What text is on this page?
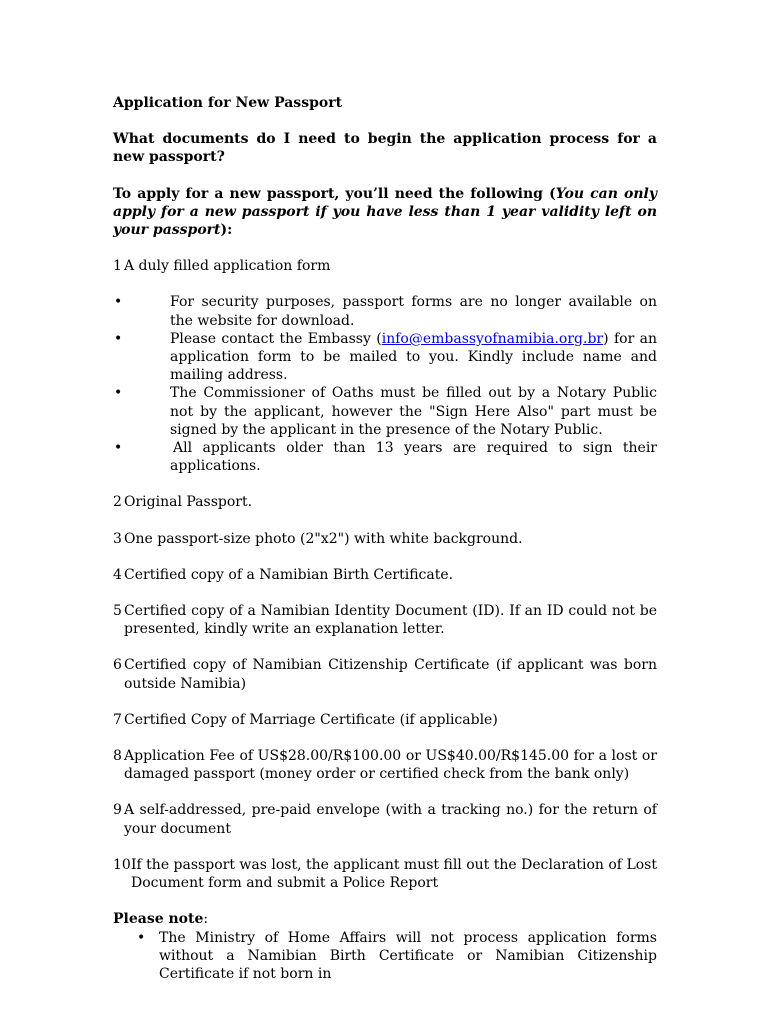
Application for New Passport

What documents do I need to begin the application process for a new passport?

To apply for a new passport, you’ll need the following (You can only apply for a new passport if you have less than 1 year validity left on your passport):

1 A duly filled application form

•	For security purposes, passport forms are no longer available on the website for download.
•	Please contact the Embassy (info@embassyofnamibia.org.br) for an application form to be mailed to you. Kindly include name and mailing address.
•	The Commissioner of Oaths must be filled out by a Notary Public not by the applicant, however the "Sign Here Also" part must be signed by the applicant in the presence of the Notary Public.
•	All applicants older than 13 years are required to sign their applications.

2 Original Passport.

3 One passport-size photo (2"x2") with white background.

4 Certified copy of a Namibian Birth Certificate.

5 Certified copy of a Namibian Identity Document (ID). If an ID could not be presented, kindly write an explanation letter.

6 Certified copy of Namibian Citizenship Certificate (if applicant was born outside Namibia)

7 Certified Copy of Marriage Certificate (if applicable)

8 Application Fee of US$28.00/R$100.00 or US$40.00/R$145.00 for a lost or damaged passport (money order or certified check from the bank only)

9 A self-addressed, pre-paid envelope (with a tracking no.) for the return of your document

10 If the passport was lost, the applicant must fill out the Declaration of Lost Document form and submit a Police Report

Please note:

• The Ministry of Home Affairs will not process application forms without a Namibian Birth Certificate or Namibian Citizenship Certificate if not born in
